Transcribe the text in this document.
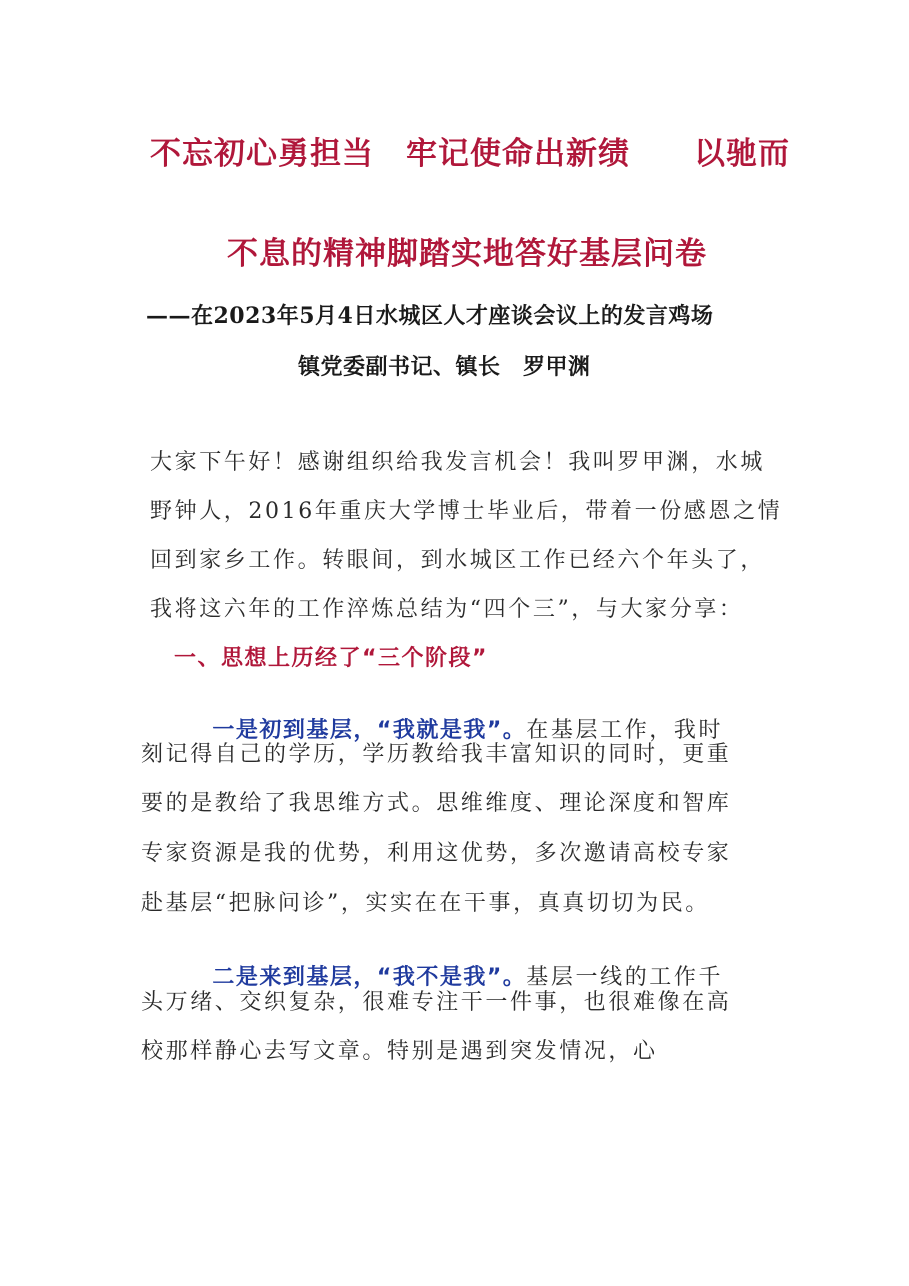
不忘初心勇担当　牢记使命出新绩　　以驰而
不息的精神脚踏实地答好基层问卷
——在2023年5月4日水城区人才座谈会议上的发言鸡场
镇党委副书记、镇长　罗甲渊
大家下午好！感谢组织给我发言机会！我叫罗甲渊，水城
野钟人，2016年重庆大学博士毕业后，带着一份感恩之情
回到家乡工作。转眼间，到水城区工作已经六个年头了，
我将这六年的工作淬炼总结为“四个三”，与大家分享：
一、思想上历经了“三个阶段”

一是初到基层，“我就是我”。在基层工作，我时

刻记得自己的学历，学历教给我丰富知识的同时，更重
要的是教给了我思维方式。思维维度、理论深度和智库
专家资源是我的优势，利用这优势，多次邀请高校专家
赴基层“把脉问诊”，实实在在干事，真真切切为民。

二是来到基层，“我不是我”。基层一线的工作千

头万绪、交织复杂，很难专注干一件事，也很难像在高
校那样静心去写文章。特别是遇到突发情况，心
